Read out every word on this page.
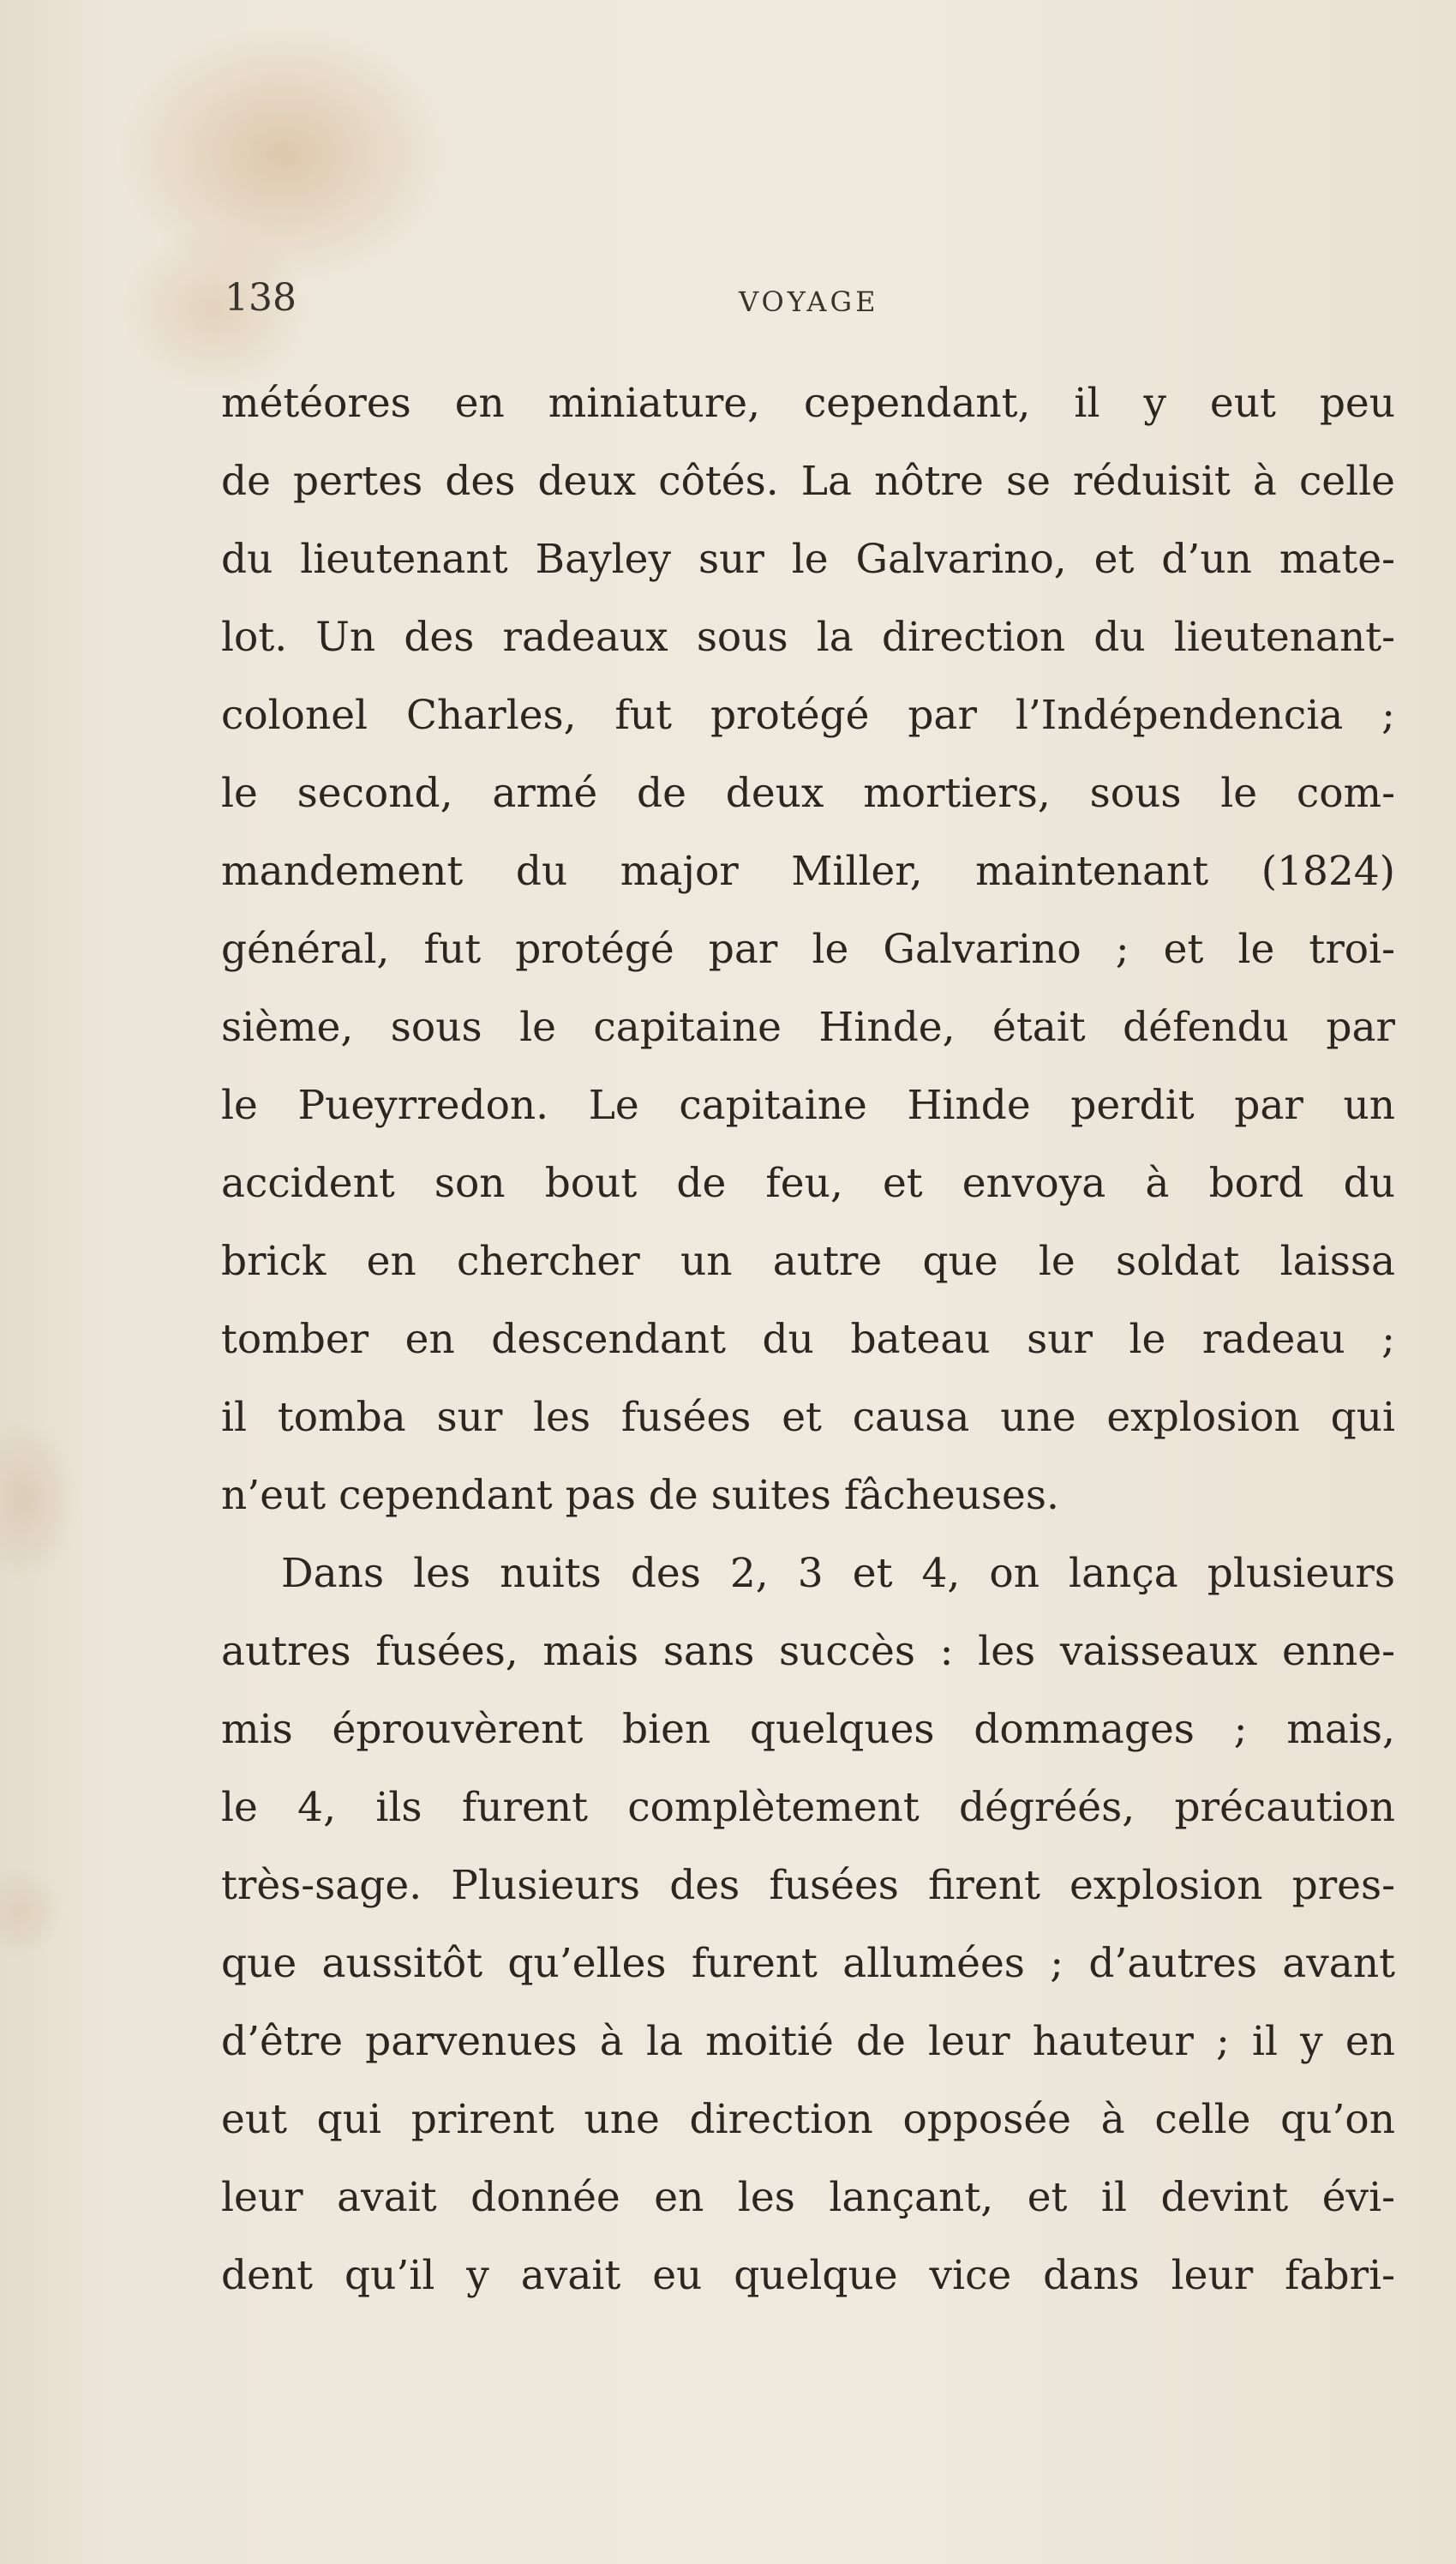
138	VOYAGE
météores en miniature, cependant, il y eut peu
de pertes des deux côtés. La nôtre se réduisit à celle
du lieutenant Bayley sur le Galvarino, et d’un mate-
lot. Un des radeaux sous la direction du lieutenant-
colonel Charles, fut protégé par l’Indépendencia ;
le second, armé de deux mortiers, sous le com-
mandement du major Miller, maintenant (1824)
général, fut protégé par le Galvarino ; et le troi-
sième, sous le capitaine Hinde, était défendu par
le Pueyrredon. Le capitaine Hinde perdit par un
accident son bout de feu, et envoya à bord du
brick en chercher un autre que le soldat laissa
tomber en descendant du bateau sur le radeau ;
il tomba sur les fusées et causa une explosion qui
n’eut cependant pas de suites fâcheuses.
Dans les nuits des 2, 3 et 4, on lança plusieurs
autres fusées, mais sans succès : les vaisseaux enne-
mis éprouvèrent bien quelques dommages ; mais,
le 4, ils furent complètement dégréés, précaution
très-sage. Plusieurs des fusées firent explosion pres-
que aussitôt qu’elles furent allumées ; d’autres avant
d’être parvenues à la moitié de leur hauteur ; il y en
eut qui prirent une direction opposée à celle qu’on
leur avait donnée en les lançant, et il devint évi-
dent qu’il y avait eu quelque vice dans leur fabri-
